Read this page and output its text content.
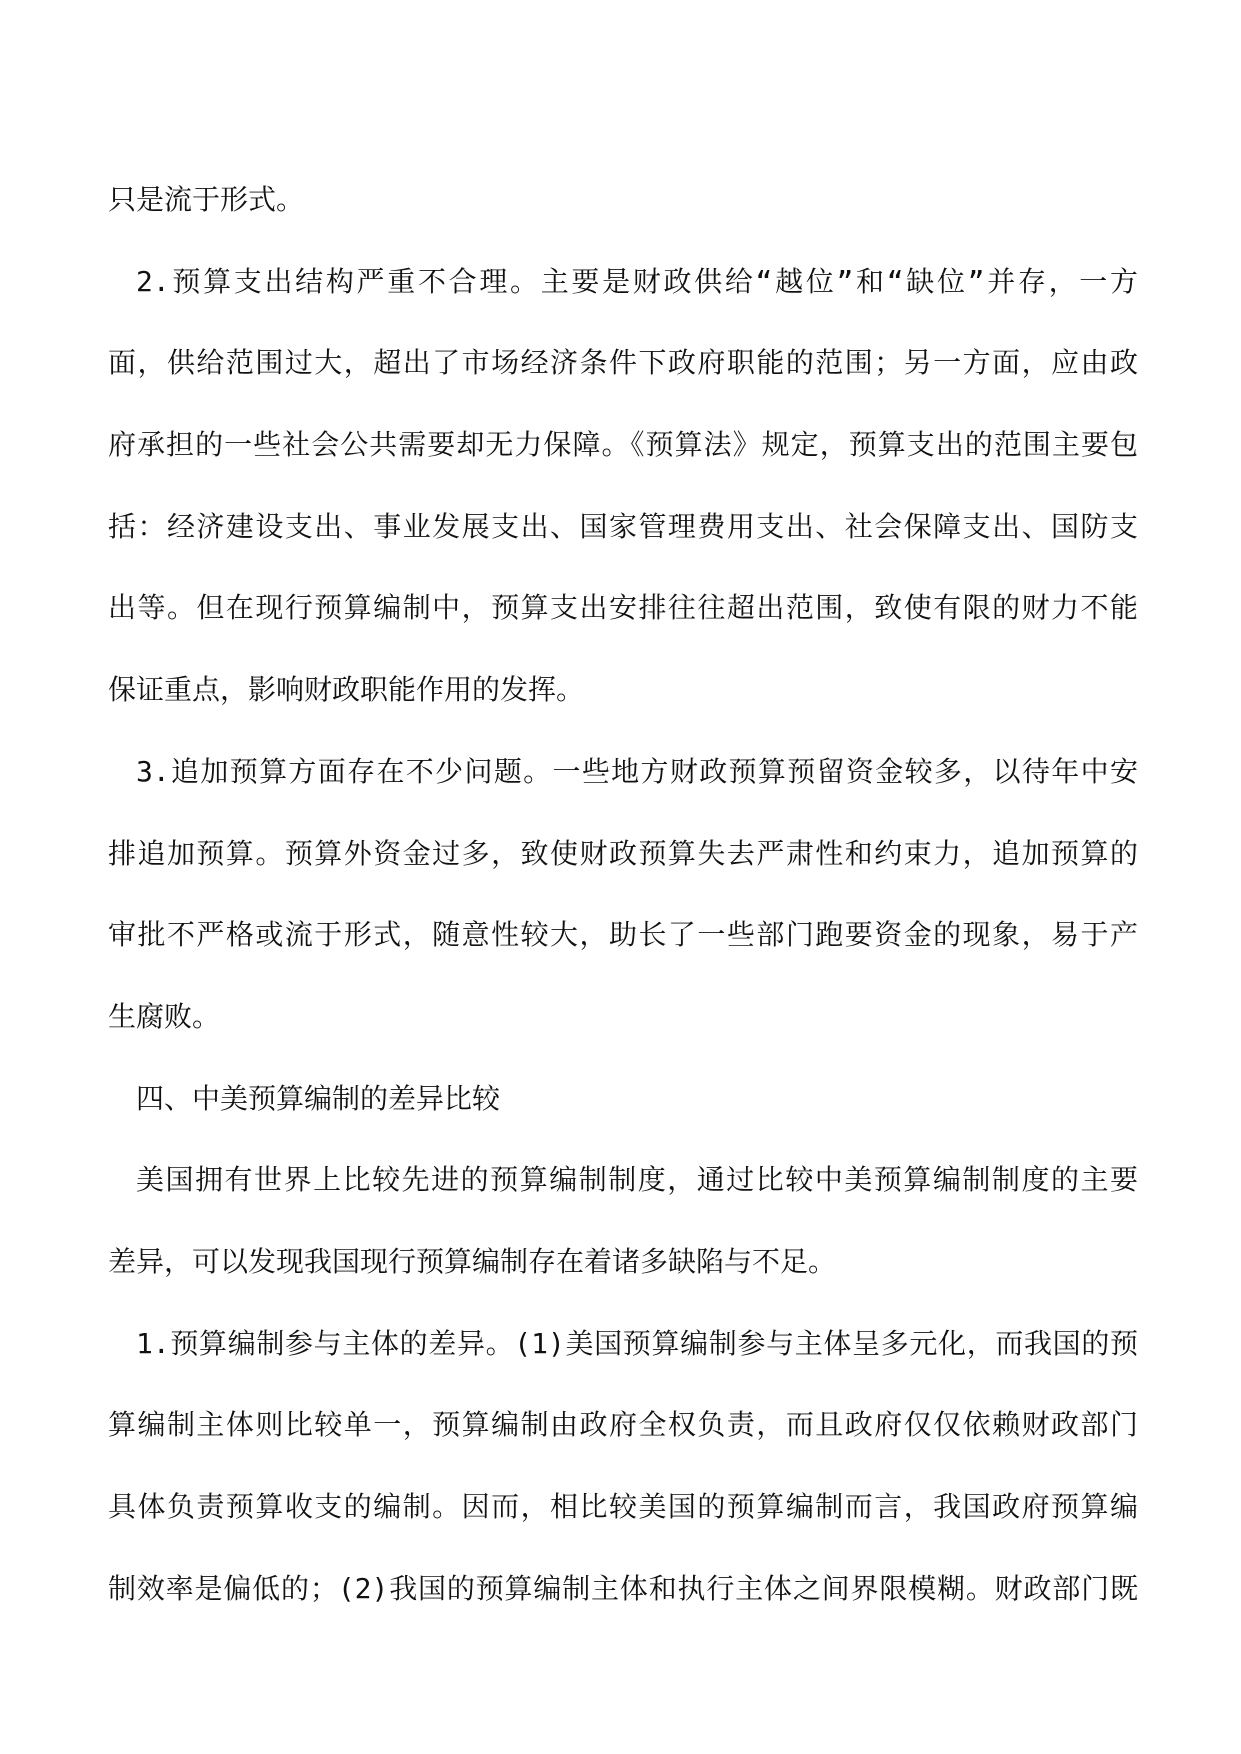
只是流于形式。
2.预算支出结构严重不合理。主要是财政供给“越位”和“缺位”并存，一方
面，供给范围过大，超出了市场经济条件下政府职能的范围；另一方面，应由政
府承担的一些社会公共需要却无力保障。《预算法》规定，预算支出的范围主要包
括：经济建设支出、事业发展支出、国家管理费用支出、社会保障支出、国防支
出等。但在现行预算编制中，预算支出安排往往超出范围，致使有限的财力不能
保证重点，影响财政职能作用的发挥。
3.追加预算方面存在不少问题。一些地方财政预算预留资金较多，以待年中安
排追加预算。预算外资金过多，致使财政预算失去严肃性和约束力，追加预算的
审批不严格或流于形式，随意性较大，助长了一些部门跑要资金的现象，易于产
生腐败。
四、中美预算编制的差异比较
美国拥有世界上比较先进的预算编制制度，通过比较中美预算编制制度的主要
差异，可以发现我国现行预算编制存在着诸多缺陷与不足。
1.预算编制参与主体的差异。(1)美国预算编制参与主体呈多元化，而我国的预
算编制主体则比较单一，预算编制由政府全权负责，而且政府仅仅依赖财政部门
具体负责预算收支的编制。因而，相比较美国的预算编制而言，我国政府预算编
制效率是偏低的；(2)我国的预算编制主体和执行主体之间界限模糊。财政部门既
